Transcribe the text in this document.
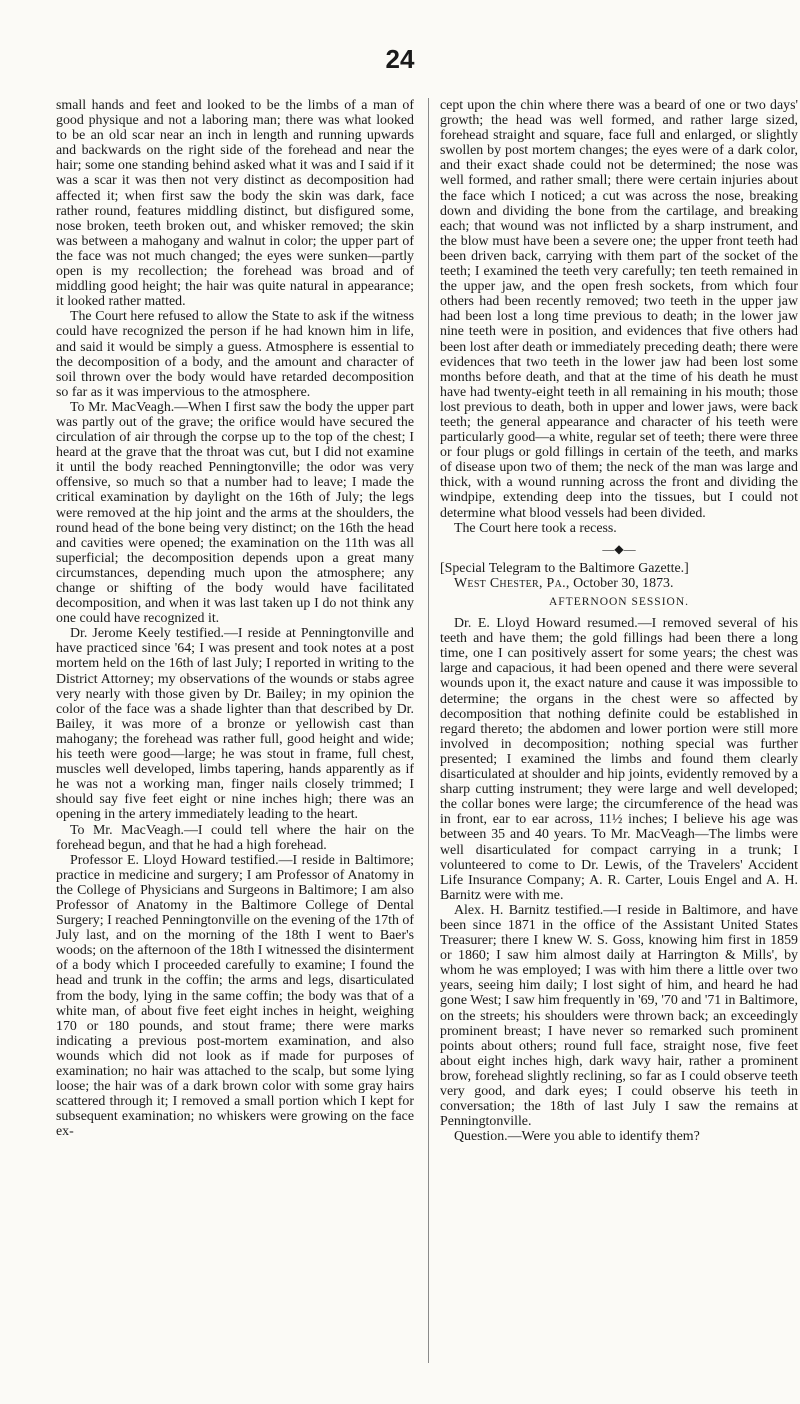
24

small hands and feet and looked to be the limbs of a man of good physique and not a laboring man; there was what looked to be an old scar near an inch in length and running upwards and backwards on the right side of the forehead and near the hair; some one standing behind asked what it was and I said if it was a scar it was then not very distinct as decomposition had affected it; when first saw the body the skin was dark, face rather round, features middling distinct, but disfigured some, nose broken, teeth broken out, and whisker removed; the skin was between a mahogany and walnut in color; the upper part of the face was not much changed; the eyes were sunken—partly open is my recollection; the forehead was broad and of middling good height; the hair was quite natural in appearance; it looked rather matted.

The Court here refused to allow the State to ask if the witness could have recognized the person if he had known him in life, and said it would be simply a guess. Atmosphere is essential to the decomposition of a body, and the amount and character of soil thrown over the body would have retarded decomposition so far as it was impervious to the atmosphere.

To Mr. MacVeagh.—When I first saw the body the upper part was partly out of the grave; the orifice would have secured the circulation of air through the corpse up to the top of the chest; I heard at the grave that the throat was cut, but I did not examine it until the body reached Penningtonville; the odor was very offensive, so much so that a number had to leave; I made the critical examination by daylight on the 16th of July; the legs were removed at the hip joint and the arms at the shoulders, the round head of the bone being very distinct; on the 16th the head and cavities were opened; the examination on the 11th was all superficial; the decomposition depends upon a great many circumstances, depending much upon the atmosphere; any change or shifting of the body would have facilitated decomposition, and when it was last taken up I do not think any one could have recognized it.

Dr. Jerome Keely testified.—I reside at Penningtonville and have practiced since '64; I was present and took notes at a post mortem held on the 16th of last July; I reported in writing to the District Attorney; my observations of the wounds or stabs agree very nearly with those given by Dr. Bailey; in my opinion the color of the face was a shade lighter than that described by Dr. Bailey, it was more of a bronze or yellowish cast than mahogany; the forehead was rather full, good height and wide; his teeth were good—large; he was stout in frame, full chest, muscles well developed, limbs tapering, hands apparently as if he was not a working man, finger nails closely trimmed; I should say five feet eight or nine inches high; there was an opening in the artery immediately leading to the heart.

To Mr. MacVeagh.—I could tell where the hair on the forehead begun, and that he had a high forehead.

Professor E. Lloyd Howard testified.—I reside in Baltimore; practice in medicine and surgery; I am Professor of Anatomy in the College of Physicians and Surgeons in Baltimore; I am also Professor of Anatomy in the Baltimore College of Dental Surgery; I reached Penningtonville on the evening of the 17th of July last, and on the morning of the 18th I went to Baer's woods; on the afternoon of the 18th I witnessed the disinterment of a body which I proceeded carefully to examine; I found the head and trunk in the coffin; the arms and legs, disarticulated from the body, lying in the same coffin; the body was that of a white man, of about five feet eight inches in height, weighing 170 or 180 pounds, and stout frame; there were marks indicating a previous post-mortem examination, and also wounds which did not look as if made for purposes of examination; no hair was attached to the scalp, but some lying loose; the hair was of a dark brown color with some gray hairs scattered through it; I removed a small portion which I kept for subsequent examination; no whiskers were growing on the face ex-

cept upon the chin where there was a beard of one or two days' growth; the head was well formed, and rather large sized, forehead straight and square, face full and enlarged, or slightly swollen by post mortem changes; the eyes were of a dark color, and their exact shade could not be determined; the nose was well formed, and rather small; there were certain injuries about the face which I noticed; a cut was across the nose, breaking down and dividing the bone from the cartilage, and breaking each; that wound was not inflicted by a sharp instrument, and the blow must have been a severe one; the upper front teeth had been driven back, carrying with them part of the socket of the teeth; I examined the teeth very carefully; ten teeth remained in the upper jaw, and the open fresh sockets, from which four others had been recently removed; two teeth in the upper jaw had been lost a long time previous to death; in the lower jaw nine teeth were in position, and evidences that five others had been lost after death or immediately preceding death; there were evidences that two teeth in the lower jaw had been lost some months before death, and that at the time of his death he must have had twenty-eight teeth in all remaining in his mouth; those lost previous to death, both in upper and lower jaws, were back teeth; the general appearance and character of his teeth were particularly good—a white, regular set of teeth; there were three or four plugs or gold fillings in certain of the teeth, and marks of disease upon two of them; the neck of the man was large and thick, with a wound running across the front and dividing the windpipe, extending deep into the tissues, but I could not determine what blood vessels had been divided.

The Court here took a recess.

—◆—

[Special Telegram to the Baltimore Gazette.]

West Chester, Pa., October 30, 1873.

AFTERNOON SESSION.

Dr. E. Lloyd Howard resumed.—I removed several of his teeth and have them; the gold fillings had been there a long time, one I can positively assert for some years; the chest was large and capacious, it had been opened and there were several wounds upon it, the exact nature and cause it was impossible to determine; the organs in the chest were so affected by decomposition that nothing definite could be established in regard thereto; the abdomen and lower portion were still more involved in decomposition; nothing special was further presented; I examined the limbs and found them clearly disarticulated at shoulder and hip joints, evidently removed by a sharp cutting instrument; they were large and well developed; the collar bones were large; the circumference of the head was in front, ear to ear across, 11½ inches; I believe his age was between 35 and 40 years. To Mr. MacVeagh—The limbs were well disarticulated for compact carrying in a trunk; I volunteered to come to Dr. Lewis, of the Travelers' Accident Life Insurance Company; A. R. Carter, Louis Engel and A. H. Barnitz were with me.

Alex. H. Barnitz testified.—I reside in Baltimore, and have been since 1871 in the office of the Assistant United States Treasurer; there I knew W. S. Goss, knowing him first in 1859 or 1860; I saw him almost daily at Harrington & Mills', by whom he was employed; I was with him there a little over two years, seeing him daily; I lost sight of him, and heard he had gone West; I saw him frequently in '69, '70 and '71 in Baltimore, on the streets; his shoulders were thrown back; an exceedingly prominent breast; I have never so remarked such prominent points about others; round full face, straight nose, five feet about eight inches high, dark wavy hair, rather a prominent brow, forehead slightly reclining, so far as I could observe teeth very good, and dark eyes; I could observe his teeth in conversation; the 18th of last July I saw the remains at Penningtonville.

Question.—Were you able to identify them?
